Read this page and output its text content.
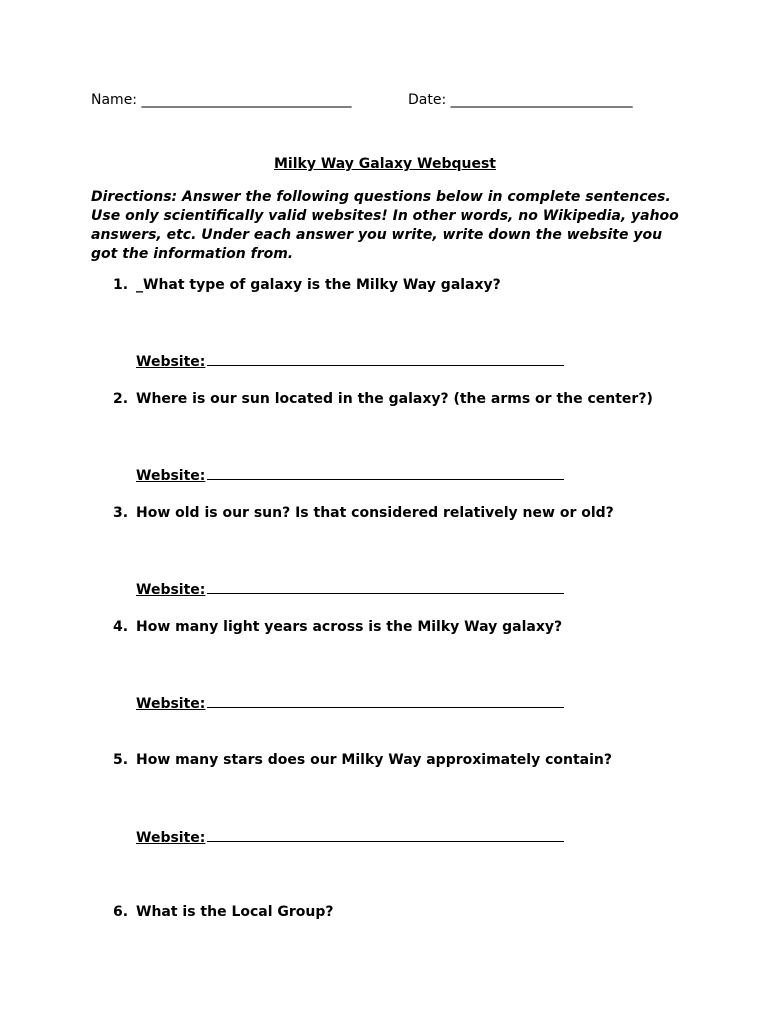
Name: ______________________________	Date: __________________________
Milky Way Galaxy Webquest
Directions: Answer the following questions below in complete sentences. Use only scientifically valid websites! In other words, no Wikipedia, yahoo answers, etc. Under each answer you write, write down the website you got the information from.
1. _What type of galaxy is the Milky Way galaxy?
Website:
2. Where is our sun located in the galaxy? (the arms or the center?)
Website:
3. How old is our sun? Is that considered relatively new or old?
Website:
4. How many light years across is the Milky Way galaxy?
Website:
5. How many stars does our Milky Way approximately contain?
Website:
6. What is the Local Group?
